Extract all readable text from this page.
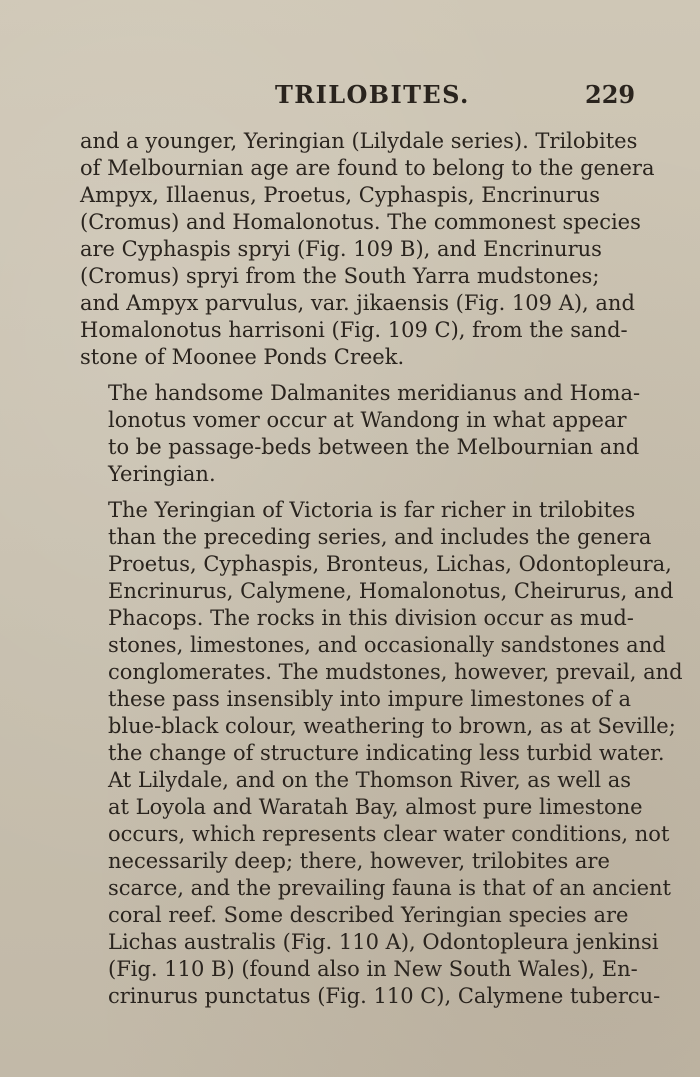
TRILOBITES.	229

and a younger, Yeringian (Lilydale series). Trilobites
of Melbournian age are found to belong to the genera
Ampyx, Illaenus, Proetus, Cyphaspis, Encrinurus
(Cromus) and Homalonotus. The commonest species
are Cyphaspis spryi (Fig. 109 B), and Encrinurus
(Cromus) spryi from the South Yarra mudstones;
and Ampyx parvulus, var. jikaensis (Fig. 109 A), and
Homalonotus harrisoni (Fig. 109 C), from the sand-
stone of Moonee Ponds Creek.

The handsome Dalmanites meridianus and Homa-
lonotus vomer occur at Wandong in what appear
to be passage-beds between the Melbournian and
Yeringian.

The Yeringian of Victoria is far richer in trilobites
than the preceding series, and includes the genera
Proetus, Cyphaspis, Bronteus, Lichas, Odontopleura,
Encrinurus, Calymene, Homalonotus, Cheirurus, and
Phacops. The rocks in this division occur as mud-
stones, limestones, and occasionally sandstones and
conglomerates. The mudstones, however, prevail, and
these pass insensibly into impure limestones of a
blue-black colour, weathering to brown, as at Seville;
the change of structure indicating less turbid water.
At Lilydale, and on the Thomson River, as well as
at Loyola and Waratah Bay, almost pure limestone
occurs, which represents clear water conditions, not
necessarily deep; there, however, trilobites are
scarce, and the prevailing fauna is that of an ancient
coral reef. Some described Yeringian species are
Lichas australis (Fig. 110 A), Odontopleura jenkinsi
(Fig. 110 B) (found also in New South Wales), En-
crinurus punctatus (Fig. 110 C), Calymene tubercu-
